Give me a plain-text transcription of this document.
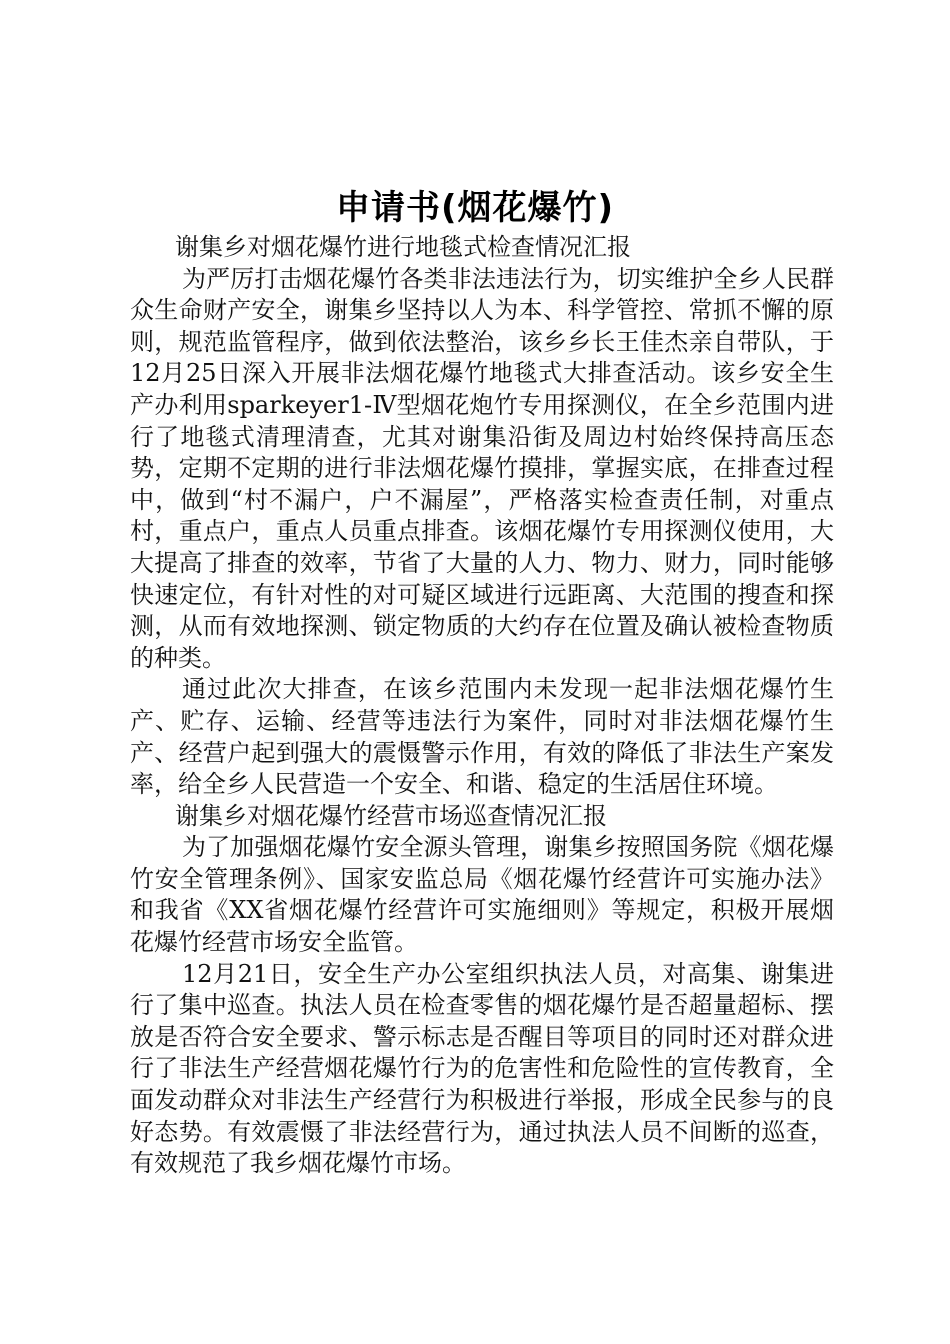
申请书(烟花爆竹)

谢集乡对烟花爆竹进行地毯式检查情况汇报

为严厉打击烟花爆竹各类非法违法行为，切实维护全乡人民群众生命财产安全，谢集乡坚持以人为本、科学管控、常抓不懈的原则，规范监管程序，做到依法整治，该乡乡长王佳杰亲自带队，于12月25日深入开展非法烟花爆竹地毯式大排查活动。该乡安全生产办利用sparkeyer1-Ⅳ型烟花炮竹专用探测仪，在全乡范围内进行了地毯式清理清查，尤其对谢集沿街及周边村始终保持高压态势，定期不定期的进行非法烟花爆竹摸排，掌握实底，在排查过程中，做到“村不漏户，户不漏屋”，严格落实检查责任制，对重点村，重点户，重点人员重点排查。该烟花爆竹专用探测仪使用，大大提高了排查的效率，节省了大量的人力、物力、财力，同时能够快速定位，有针对性的对可疑区域进行远距离、大范围的搜查和探测，从而有效地探测、锁定物质的大约存在位置及确认被检查物质的种类。

通过此次大排查，在该乡范围内未发现一起非法烟花爆竹生产、贮存、运输、经营等违法行为案件，同时对非法烟花爆竹生产、经营户起到强大的震慑警示作用，有效的降低了非法生产案发率，给全乡人民营造一个安全、和谐、稳定的生活居住环境。

谢集乡对烟花爆竹经营市场巡查情况汇报

为了加强烟花爆竹安全源头管理，谢集乡按照国务院《烟花爆竹安全管理条例》、国家安监总局《烟花爆竹经营许可实施办法》和我省《XX省烟花爆竹经营许可实施细则》等规定，积极开展烟花爆竹经营市场安全监管。

12月21日，安全生产办公室组织执法人员，对高集、谢集进行了集中巡查。执法人员在检查零售的烟花爆竹是否超量超标、摆放是否符合安全要求、警示标志是否醒目等项目的同时还对群众进行了非法生产经营烟花爆竹行为的危害性和危险性的宣传教育，全面发动群众对非法生产经营行为积极进行举报，形成全民参与的良好态势。有效震慑了非法经营行为，通过执法人员不间断的巡查，有效规范了我乡烟花爆竹市场。
